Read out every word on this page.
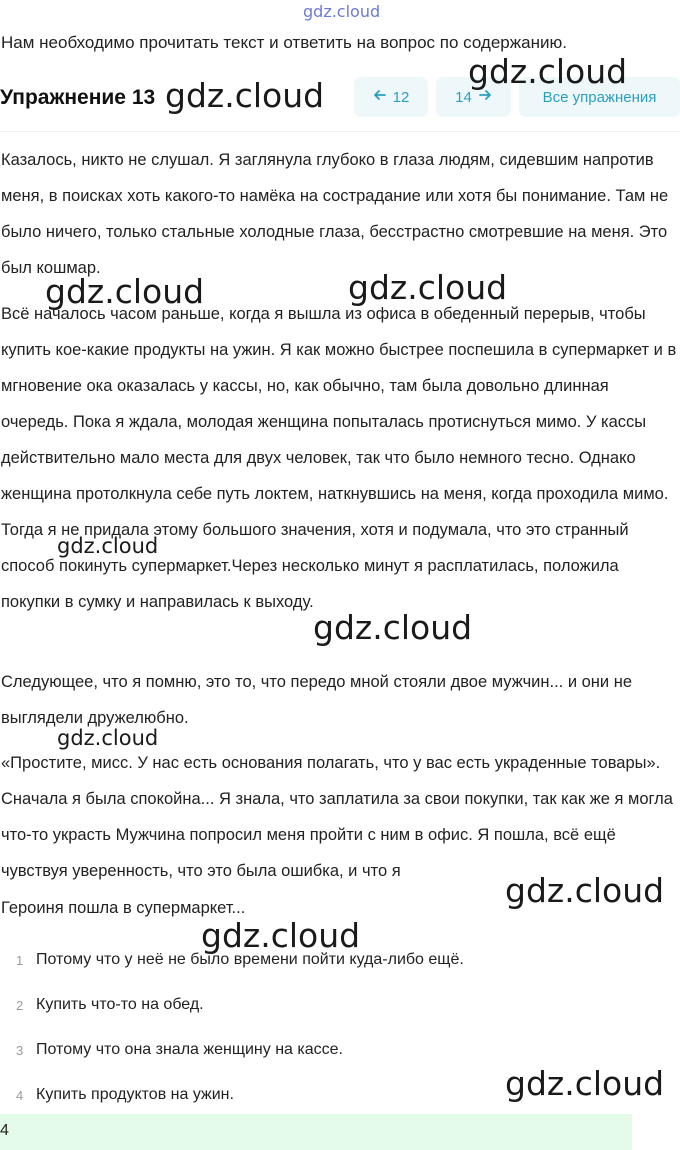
gdz.cloud
gdz.cloud
gdz.cloud
gdz.cloud	gdz.cloud
gdz.cloud
gdz.cloud
gdz.cloud
gdz.cloud
gdz.cloud
gdz.cloud
Нам необходимо прочитать текст и ответить на вопрос по содержанию.
Упражнение 13	12	14	Все упражнения

Казалось, никто не слушал. Я заглянула глубоко в глаза людям, сидевшим напротив меня, в поисках хоть какого-то намёка на сострадание или хотя бы понимание. Там не было ничего, только стальные холодные глаза, бесстрастно смотревшие на меня. Это был кошмар.

Всё началось часом раньше, когда я вышла из офиса в обеденный перерыв, чтобы купить кое-какие продукты на ужин. Я как можно быстрее поспешила в супермаркет и в мгновение ока оказалась у кассы, но, как обычно, там была довольно длинная очередь. Пока я ждала, молодая женщина попыталась протиснуться мимо. У кассы действительно мало места для двух человек, так что было немного тесно. Однако женщина протолкнула себе путь локтем, наткнувшись на меня, когда проходила мимо. Тогда я не придала этому большого значения, хотя и подумала, что это странный способ покинуть супермаркет.Через несколько минут я расплатилась, положила покупки в сумку и направилась к выходу.

Следующее, что я помню, это то, что передо мной стояли двое мужчин... и они не выглядели дружелюбно.

«Простите, мисс. У нас есть основания полагать, что у вас есть украденные товары». Сначала я была спокойна... Я знала, что заплатила за свои покупки, так как же я могла что-то украсть Мужчина попросил меня пройти с ним в офис. Я пошла, всё ещё чувствуя уверенность, что это была ошибка, и что я

Героиня пошла в супермаркет...

1 Потому что у неё не было времени пойти куда-либо ещё.
2 Купить что-то на обед.
3 Потому что она знала женщину на кассе.
4 Купить продуктов на ужин.
4
